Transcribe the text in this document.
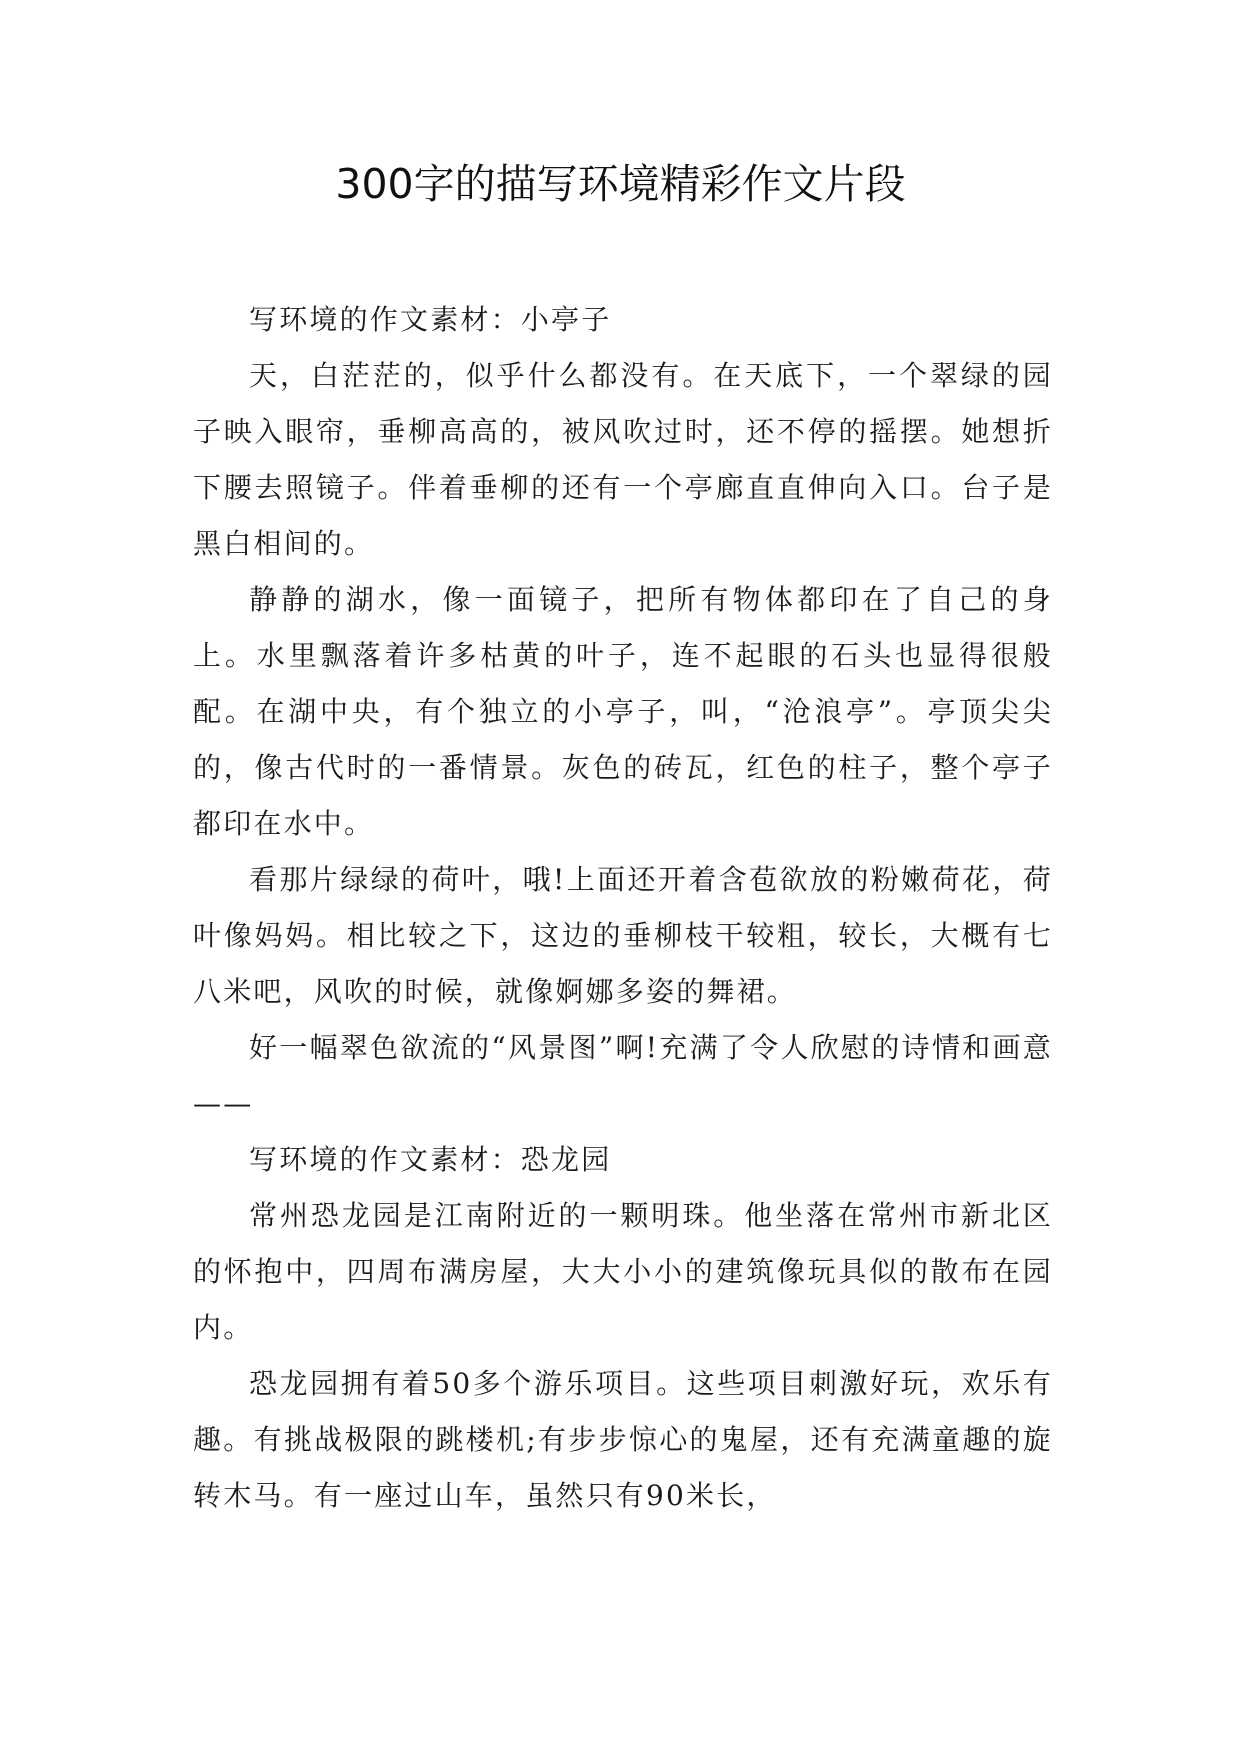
300字的描写环境精彩作文片段

写环境的作文素材：小亭子

天，白茫茫的，似乎什么都没有。在天底下，一个翠绿的园子映入眼帘，垂柳高高的，被风吹过时，还不停的摇摆。她想折下腰去照镜子。伴着垂柳的还有一个亭廊直直伸向入口。台子是黑白相间的。

静静的湖水，像一面镜子，把所有物体都印在了自己的身上。水里飘落着许多枯黄的叶子，连不起眼的石头也显得很般配。在湖中央，有个独立的小亭子，叫，“沧浪亭”。亭顶尖尖的，像古代时的一番情景。灰色的砖瓦，红色的柱子，整个亭子都印在水中。

看那片绿绿的荷叶，哦!上面还开着含苞欲放的粉嫩荷花，荷叶像妈妈。相比较之下，这边的垂柳枝干较粗，较长，大概有七八米吧，风吹的时候，就像婀娜多姿的舞裙。

好一幅翠色欲流的“风景图”啊!充满了令人欣慰的诗情和画意——

写环境的作文素材：恐龙园

常州恐龙园是江南附近的一颗明珠。他坐落在常州市新北区的怀抱中，四周布满房屋，大大小小的建筑像玩具似的散布在园内。

恐龙园拥有着50多个游乐项目。这些项目刺激好玩，欢乐有趣。有挑战极限的跳楼机;有步步惊心的鬼屋，还有充满童趣的旋转木马。有一座过山车，虽然只有90米长，
